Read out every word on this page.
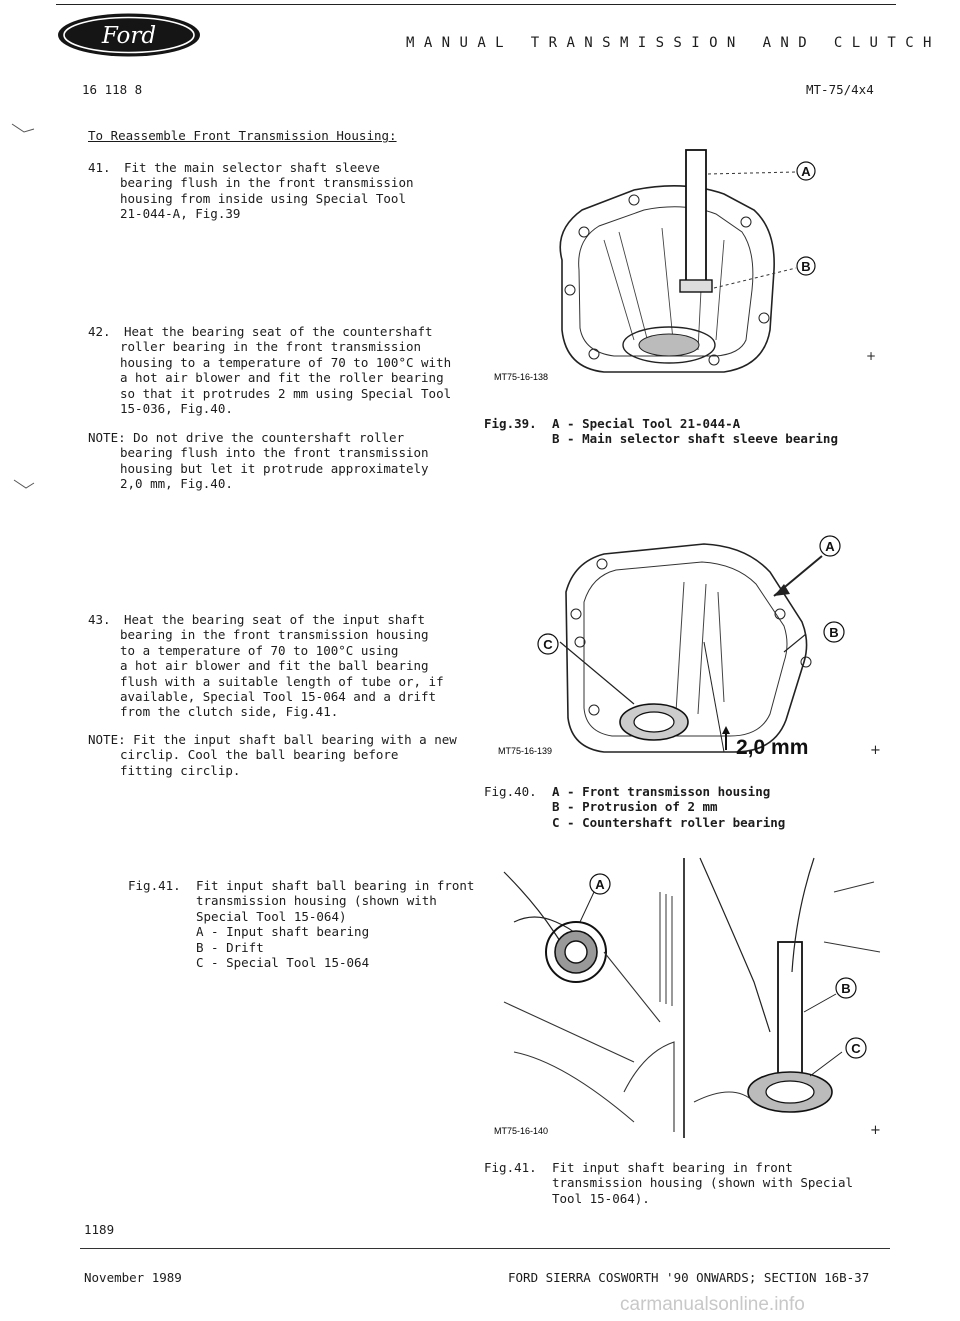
Ford	MANUAL TRANSMISSION AND CLUTCH
16 118 8	MT-75/4x4
To Reassemble Front Transmission Housing:
41. Fit the main selector shaft sleeve
bearing flush in the front transmission
housing from inside using Special Tool
21-044-A, Fig.39
42. Heat the bearing seat of the countershaft
roller bearing in the front transmission
housing to a temperature of 70 to 100°C with
a hot air blower and fit the roller bearing
so that it protrudes 2 mm using Special Tool
15-036, Fig.40.
NOTE: Do not drive the countershaft roller
bearing flush into the front transmission
housing but let it protrude approximately
2,0 mm, Fig.40.
43. Heat the bearing seat of the input shaft
bearing in the front transmission housing
to a temperature of 70 to 100°C using
a hot air blower and fit the ball bearing
flush with a suitable length of tube or, if
available, Special Tool 15-064 and a drift
from the clutch side, Fig.41.
NOTE: Fit the input shaft ball bearing with a new
circlip. Cool the ball bearing before
fitting circlip.
Fig.41. Fit input shaft ball bearing in front
transmission housing (shown with
Special Tool 15-064)
A - Input shaft bearing
B - Drift
C - Special Tool 15-064
A
B
MT75-16-138
+
Fig.39. A - Special Tool 21-044-A
B - Main selector shaft sleeve bearing
A
B
C
2,0 mm
MT75-16-139	+
Fig.40. A - Front transmisson housing
B - Protrusion of 2 mm
C - Countershaft roller bearing
A
B
C
MT75-16-140	+
Fig.41. Fit input shaft bearing in front
transmission housing (shown with Special
Tool 15-064).
1189
November 1989	FORD SIERRA COSWORTH '90 ONWARDS; SECTION 16B-37
carmanualsonline.info
